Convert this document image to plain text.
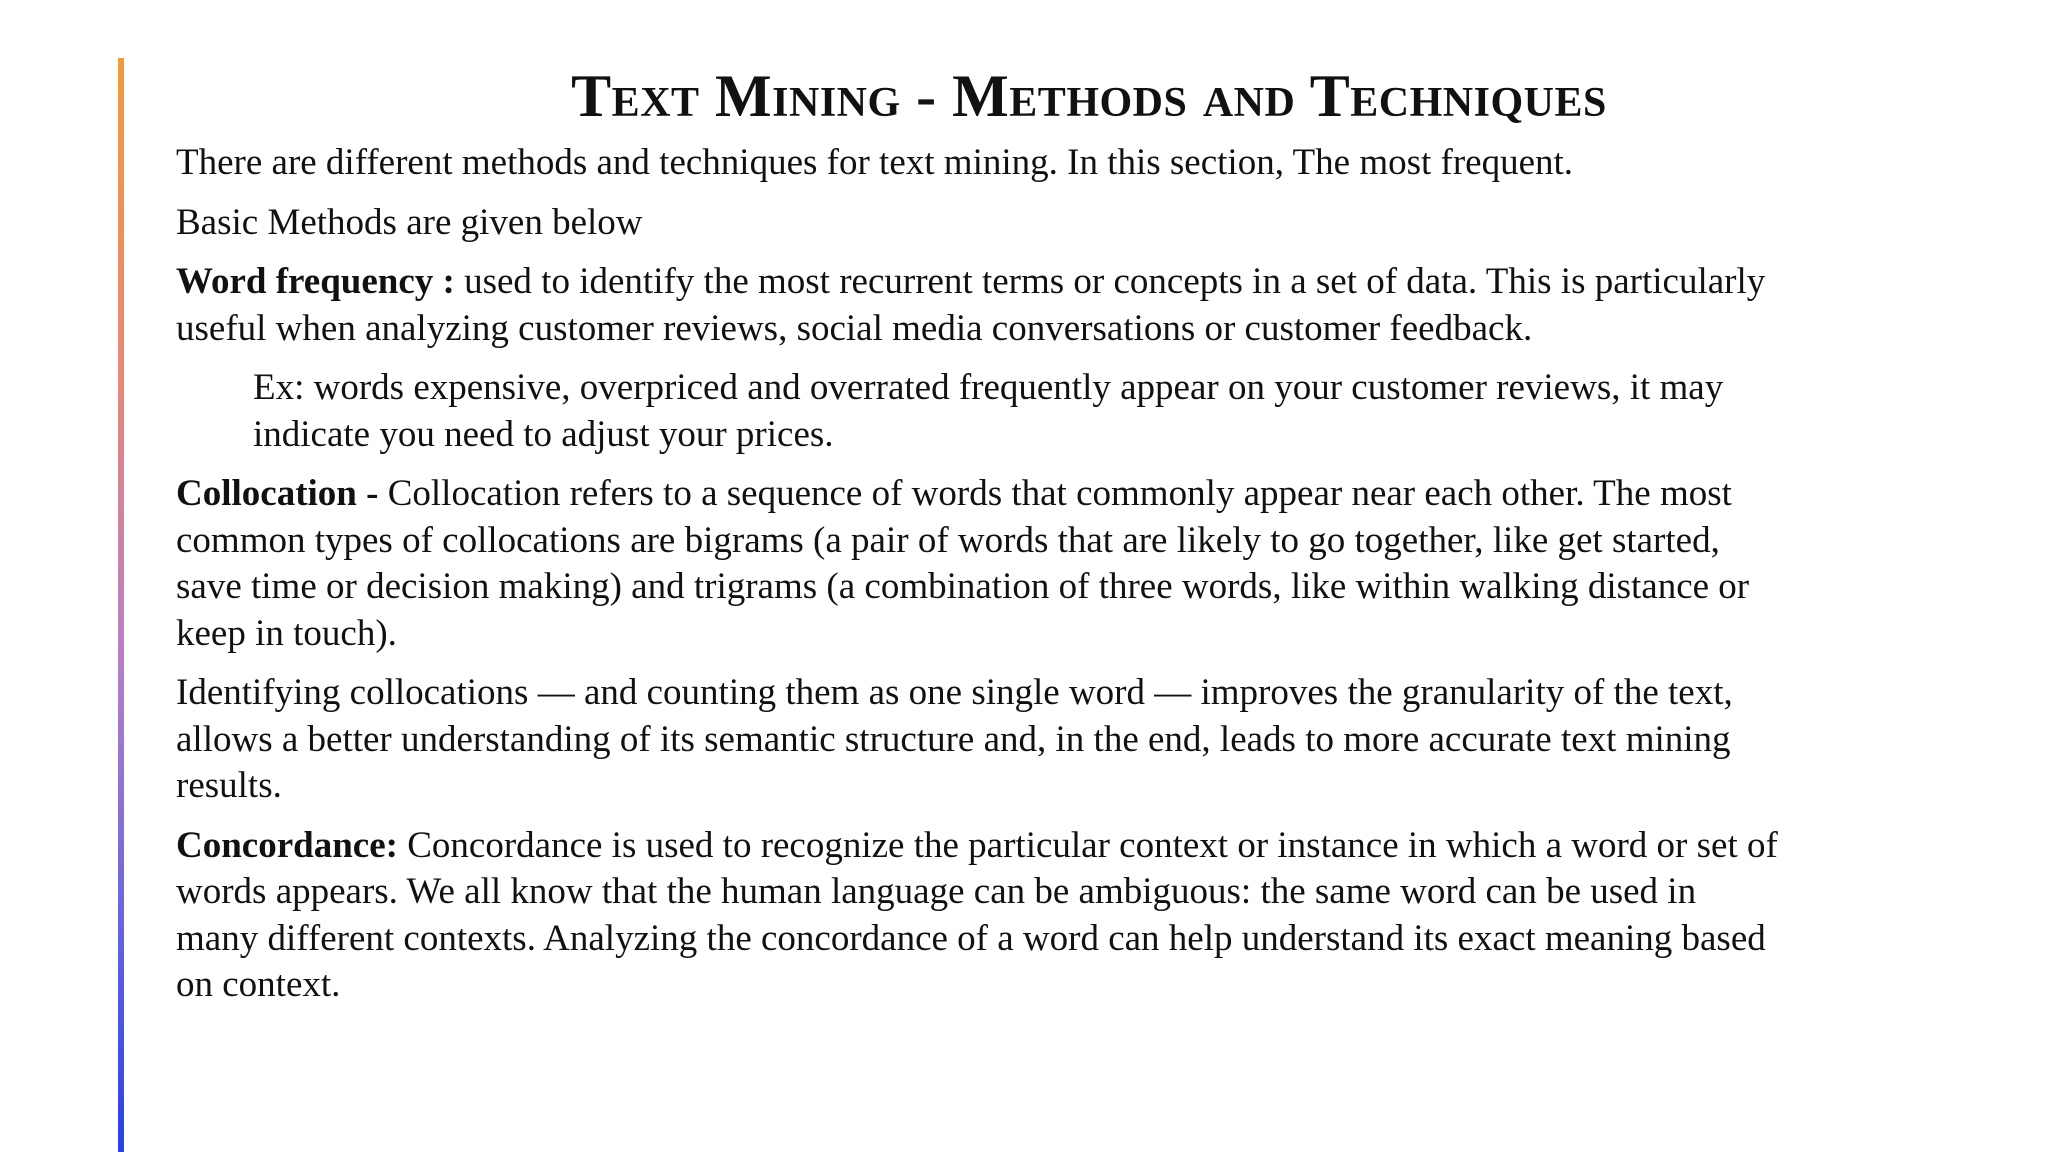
Text Mining - Methods and Techniques

There are different methods and techniques for text mining. In this section, The most frequent.

Basic Methods are given below

Word frequency : used to identify the most recurrent terms or concepts in a set of data. This is particularly useful when analyzing customer reviews, social media conversations or customer feedback.

Ex: words expensive, overpriced and overrated frequently appear on your customer reviews, it may indicate you need to adjust your prices.

Collocation - Collocation refers to a sequence of words that commonly appear near each other. The most common types of collocations are bigrams (a pair of words that are likely to go together, like get started, save time or decision making) and trigrams (a combination of three words, like within walking distance or keep in touch).

Identifying collocations — and counting them as one single word — improves the granularity of the text, allows a better understanding of its semantic structure and, in the end, leads to more accurate text mining results.

Concordance: Concordance is used to recognize the particular context or instance in which a word or set of words appears. We all know that the human language can be ambiguous: the same word can be used in many different contexts. Analyzing the concordance of a word can help understand its exact meaning based on context.
